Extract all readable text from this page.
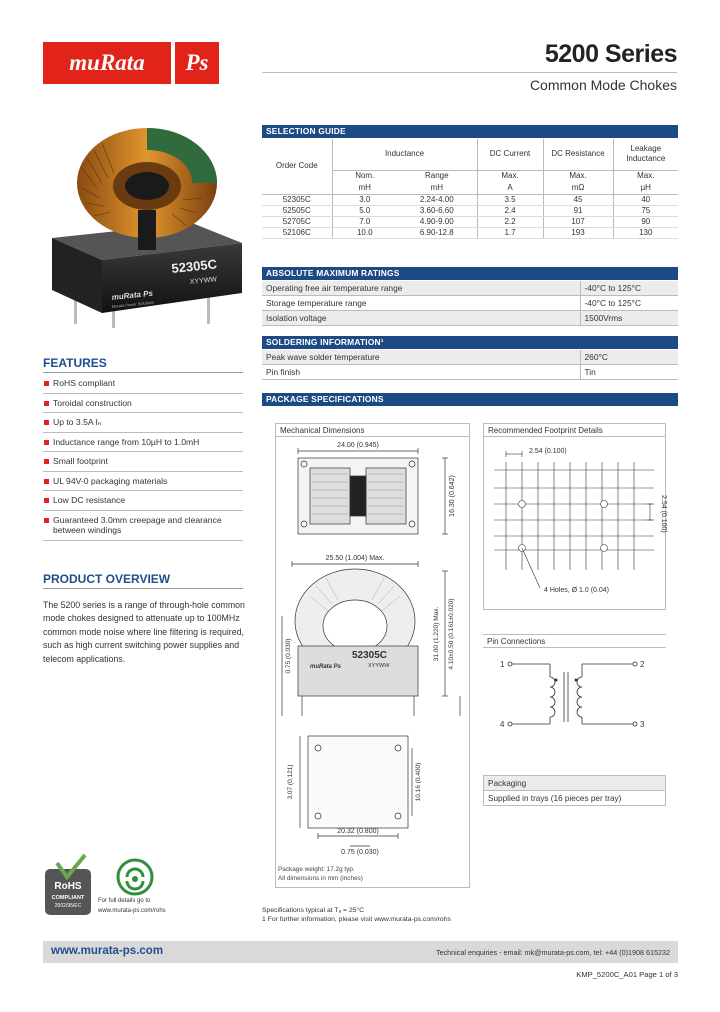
muRata	Ps	5200 Series
Common Mode Chokes
52305C
XYYWW
muRata Ps
Murata Power Solutions
FEATURES
RoHS compliant
Toroidal construction
Up to 3.5A Iₙ
Inductance range from 10µH to 1.0mH
Small footprint
UL 94V-0 packaging materials
Low DC resistance
Guaranteed 3.0mm creepage and clearance between windings
PRODUCT OVERVIEW
The 5200 series is a range of through-hole common mode chokes designed to attenuate up to 100MHz common mode noise where line filtering is required, such as high current switching power supplies and telecom applications.
SELECTION GUIDE
Order Code	Inductance		DC Current	DC Resistance	Leakage Inductance
	Nom.	Range	Max.	Max.	Max.
	mH	mH	A	mΩ	µH
52305C	3.0	2.24-4.00	3.5	45	40
52505C	5.0	3.60-6.60	2.4	91	75
52705C	7.0	4.90-9.00	2.2	107	90
52106C	10.0	6.90-12.8	1.7	193	130
ABSOLUTE MAXIMUM RATINGS
Operating free air temperature range	-40°C to 125°C
Storage temperature range	-40°C to 125°C
Isolation voltage	1500Vrms
SOLDERING INFORMATION¹
Peak wave solder temperature	260°C
Pin finish	Tin
PACKAGE SPECIFICATIONS
Mechanical Dimensions
24.00 (0.945)
16.30 (0.642)
25.50 (1.004) Max.
31.00 (1.220) Max. 4.10±0.50 (0.161±0.020)
0.75 (0.030)	52305C
XYYWW
muRata Ps
20.32 (0.800)
10.16 (0.400)
3.07 (0.121)
0.75 (0.030)
Package weight: 17.2g typ.
All dimensions in mm (inches)
Recommended Footprint Details
2.54 (0.100)
2.54 (0.100)
4 Holes, Ø 1.0 (0.04)
Pin Connections
1	2
4	3
Packaging
Supplied in trays (16 pieces per tray)
Specifications typical at Tₐ = 25°C
1 For further information, please visit www.murata-ps.com/rohs
RoHS
COMPLIANT
2002/95/EC
For full details go to
www.murata-ps.com/rohs
www.murata-ps.com	Technical enquiries - email: mk@murata-ps.com, tel: +44 (0)1908 615232
KMP_5200C_A01 Page 1 of 3
